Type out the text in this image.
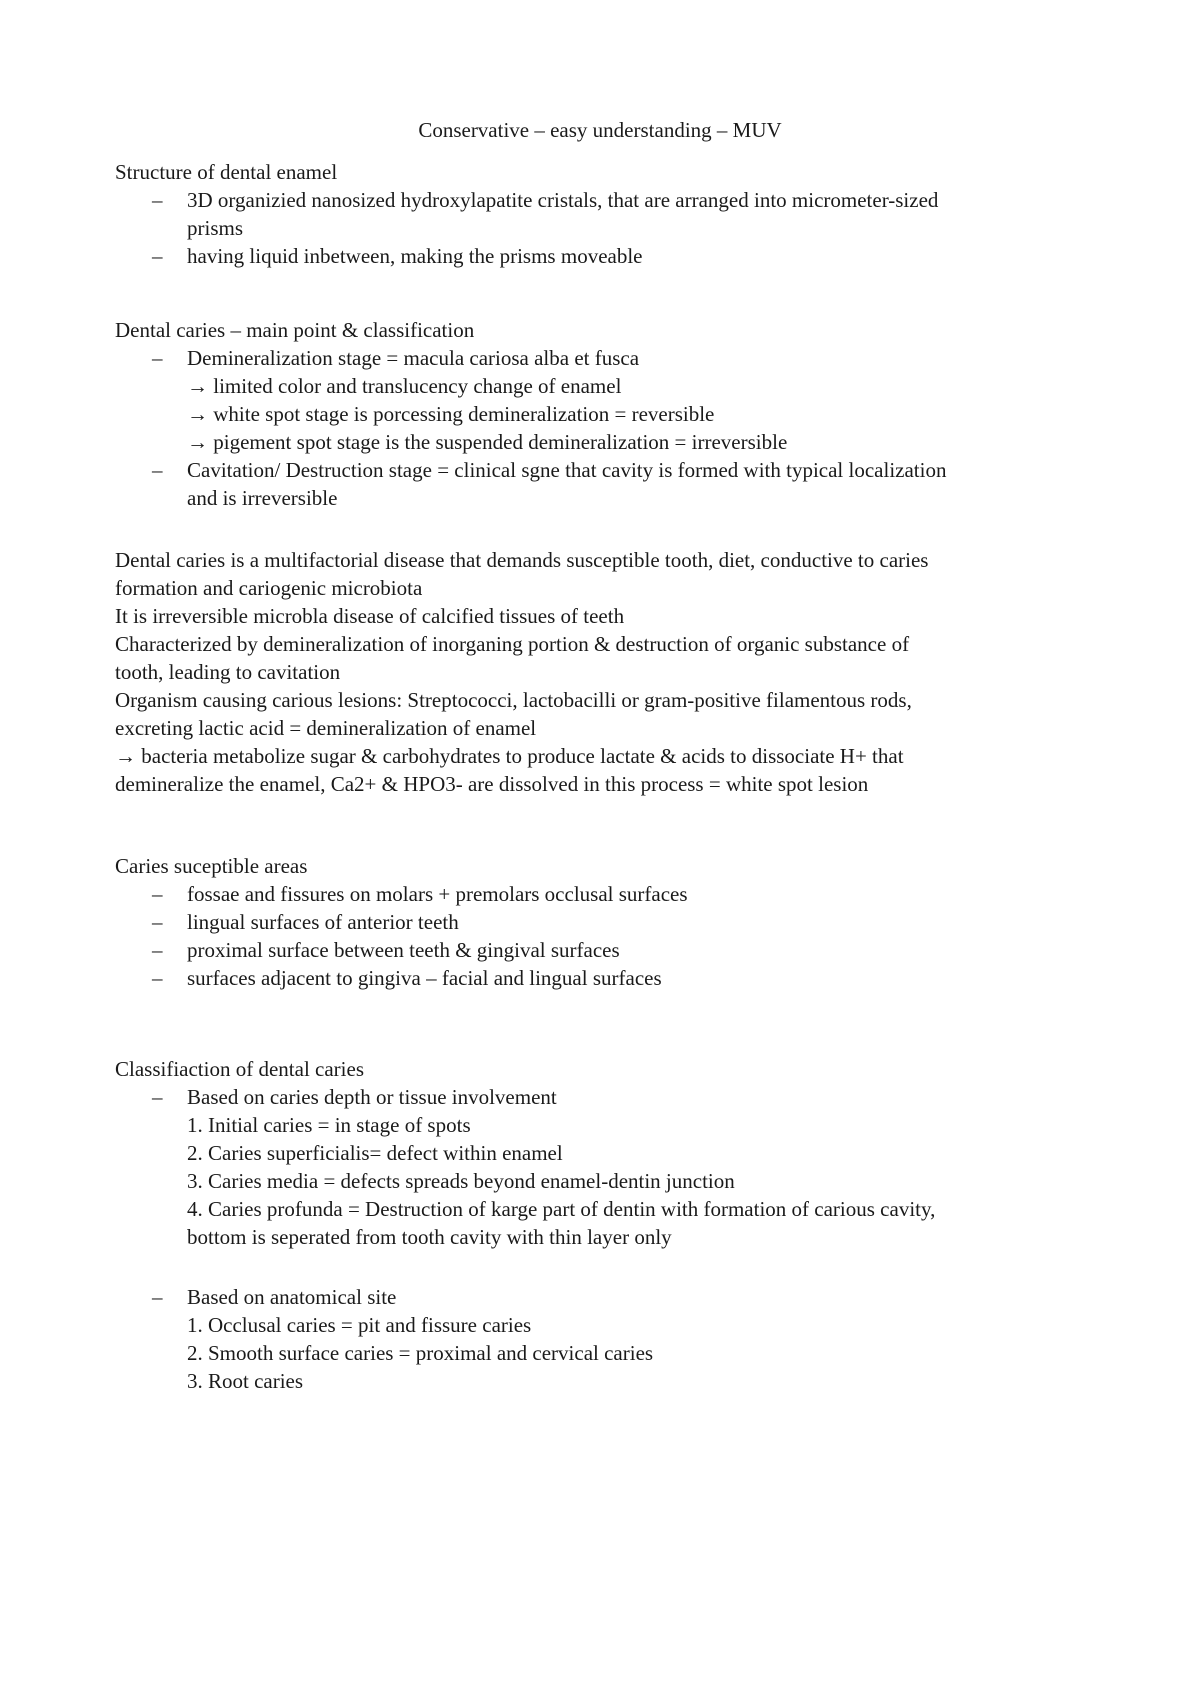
Conservative – easy understanding – MUV
Structure of dental enamel
– 3D organizied nanosized hydroxylapatite cristals, that are arranged into micrometer-sized
prisms
– having liquid inbetween, making the prisms moveable
Dental caries – main point & classification
– Demineralization stage = macula cariosa alba et fusca
→ limited color and translucency change of enamel
→ white spot stage is porcessing demineralization = reversible
→ pigement spot stage is the suspended demineralization = irreversible
– Cavitation/ Destruction stage = clinical sgne that cavity is formed with typical localization
and is irreversible
Dental caries is a multifactorial disease that demands susceptible tooth, diet, conductive to caries
formation and cariogenic microbiota
It is irreversible microbla disease of calcified tissues of teeth
Characterized by demineralization of inorganing portion & destruction of organic substance of
tooth, leading to cavitation
Organism causing carious lesions: Streptococci, lactobacilli or gram-positive filamentous rods,
excreting lactic acid = demineralization of enamel
→ bacteria metabolize sugar & carbohydrates to produce lactate & acids to dissociate H+ that
demineralize the enamel, Ca2+ & HPO3- are dissolved in this process = white spot lesion
Caries suceptible areas
– fossae and fissures on molars + premolars occlusal surfaces
– lingual surfaces of anterior teeth
– proximal surface between teeth & gingival surfaces
– surfaces adjacent to gingiva – facial and lingual surfaces
Classifiaction of dental caries
– Based on caries depth or tissue involvement
1. Initial caries = in stage of spots
2. Caries superficialis= defect within enamel
3. Caries media = defects spreads beyond enamel-dentin junction
4. Caries profunda = Destruction of karge part of dentin with formation of carious cavity,
bottom is seperated from tooth cavity with thin layer only
– Based on anatomical site
1. Occlusal caries = pit and fissure caries
2. Smooth surface caries = proximal and cervical caries
3. Root caries
